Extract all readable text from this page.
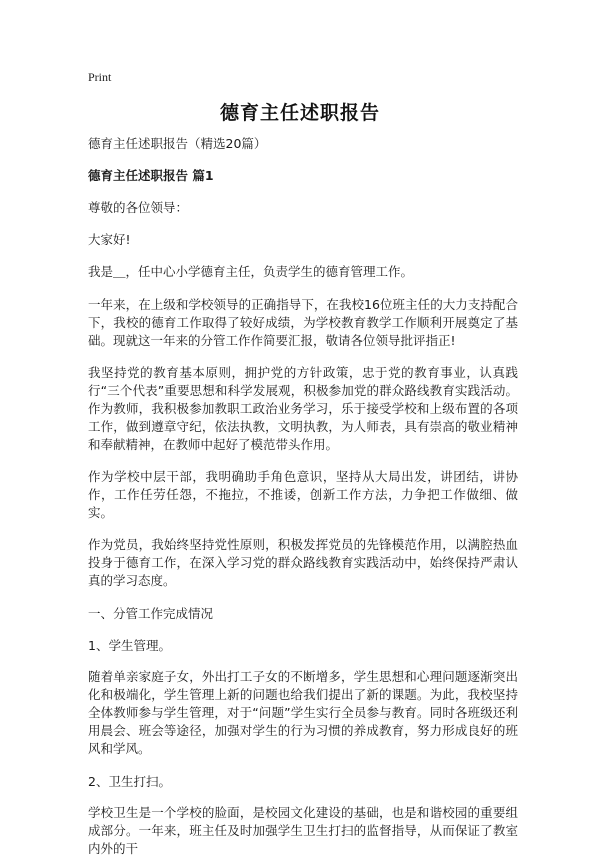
Print
德育主任述职报告

德育主任述职报告（精选20篇）

德育主任述职报告 篇1

尊敬的各位领导：

大家好!

我是＿，任中心小学德育主任，负责学生的德育管理工作。

一年来，在上级和学校领导的正确指导下，在我校16位班主任的大力支持配合下，我校的德育工作取得了较好成绩，为学校教育教学工作顺利开展奠定了基础。现就这一年来的分管工作作简要汇报，敬请各位领导批评指正!

我坚持党的教育基本原则，拥护党的方针政策，忠于党的教育事业，认真践行“三个代表”重要思想和科学发展观，积极参加党的群众路线教育实践活动。作为教师，我积极参加教职工政治业务学习，乐于接受学校和上级布置的各项工作，做到遵章守纪，依法执教，文明执教，为人师表，具有崇高的敬业精神和奉献精神，在教师中起好了模范带头作用。

作为学校中层干部，我明确助手角色意识，坚持从大局出发，讲团结，讲协作，工作任劳任怨，不拖拉，不推诿，创新工作方法，力争把工作做细、做实。

作为党员，我始终坚持党性原则，积极发挥党员的先锋模范作用，以满腔热血投身于德育工作，在深入学习党的群众路线教育实践活动中，始终保持严肃认真的学习态度。

一、分管工作完成情况

1、学生管理。

随着单亲家庭子女，外出打工子女的不断增多，学生思想和心理问题逐渐突出化和极端化，学生管理上新的问题也给我们提出了新的课题。为此，我校坚持全体教师参与学生管理，对于“问题”学生实行全员参与教育。同时各班级还利用晨会、班会等途径，加强对学生的行为习惯的养成教育，努力形成良好的班风和学风。

2、卫生打扫。

学校卫生是一个学校的脸面，是校园文化建设的基础，也是和谐校园的重要组成部分。一年来，班主任及时加强学生卫生打扫的监督指导，从而保证了教室内外的干
